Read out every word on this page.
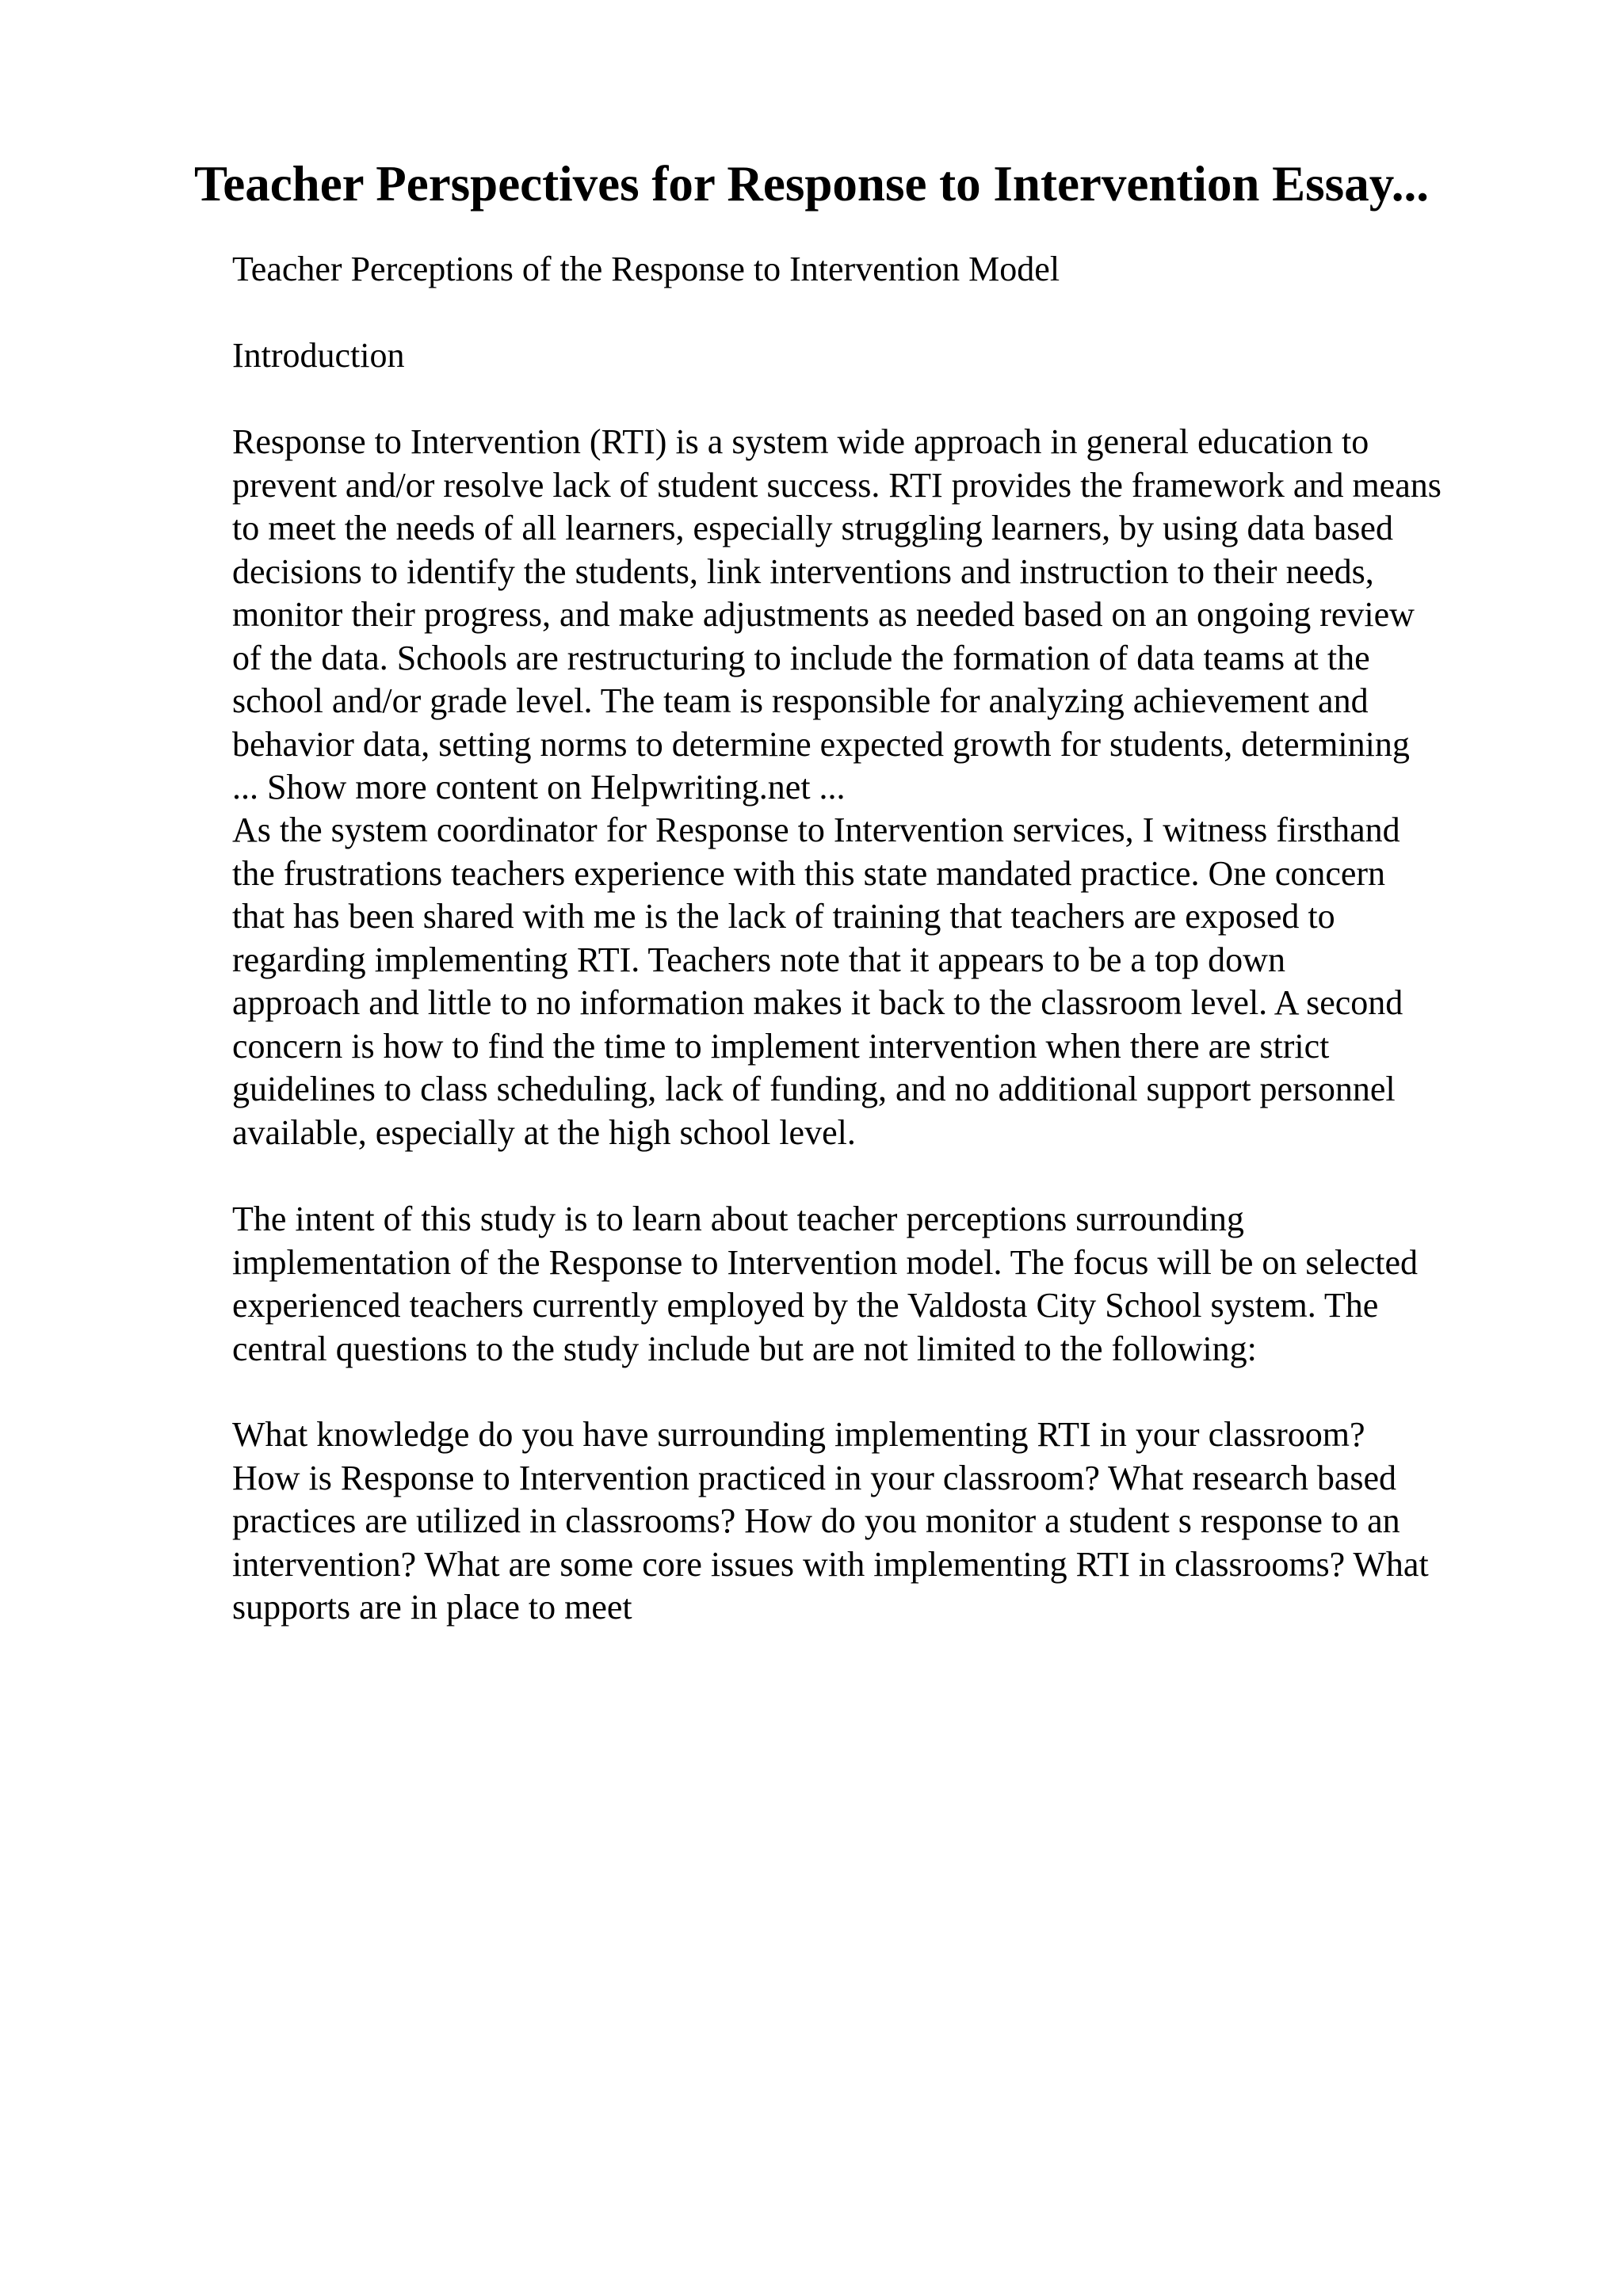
Teacher Perspectives for Response to Intervention Essay...
Teacher Perceptions of the Response to Intervention Model
Introduction
Response to Intervention (RTI) is a system wide approach in general education to
prevent and/or resolve lack of student success. RTI provides the framework and means
to meet the needs of all learners, especially struggling learners, by using data based
decisions to identify the students, link interventions and instruction to their needs,
monitor their progress, and make adjustments as needed based on an ongoing review
of the data. Schools are restructuring to include the formation of data teams at the
school and/or grade level. The team is responsible for analyzing achievement and
behavior data, setting norms to determine expected growth for students, determining
... Show more content on Helpwriting.net ...
As the system coordinator for Response to Intervention services, I witness firsthand
the frustrations teachers experience with this state mandated practice. One concern
that has been shared with me is the lack of training that teachers are exposed to
regarding implementing RTI. Teachers note that it appears to be a top down
approach and little to no information makes it back to the classroom level. A second
concern is how to find the time to implement intervention when there are strict
guidelines to class scheduling, lack of funding, and no additional support personnel
available, especially at the high school level.
The intent of this study is to learn about teacher perceptions surrounding
implementation of the Response to Intervention model. The focus will be on selected
experienced teachers currently employed by the Valdosta City School system. The
central questions to the study include but are not limited to the following:
What knowledge do you have surrounding implementing RTI in your classroom?
How is Response to Intervention practiced in your classroom? What research based
practices are utilized in classrooms? How do you monitor a student s response to an
intervention? What are some core issues with implementing RTI in classrooms? What
supports are in place to meet
